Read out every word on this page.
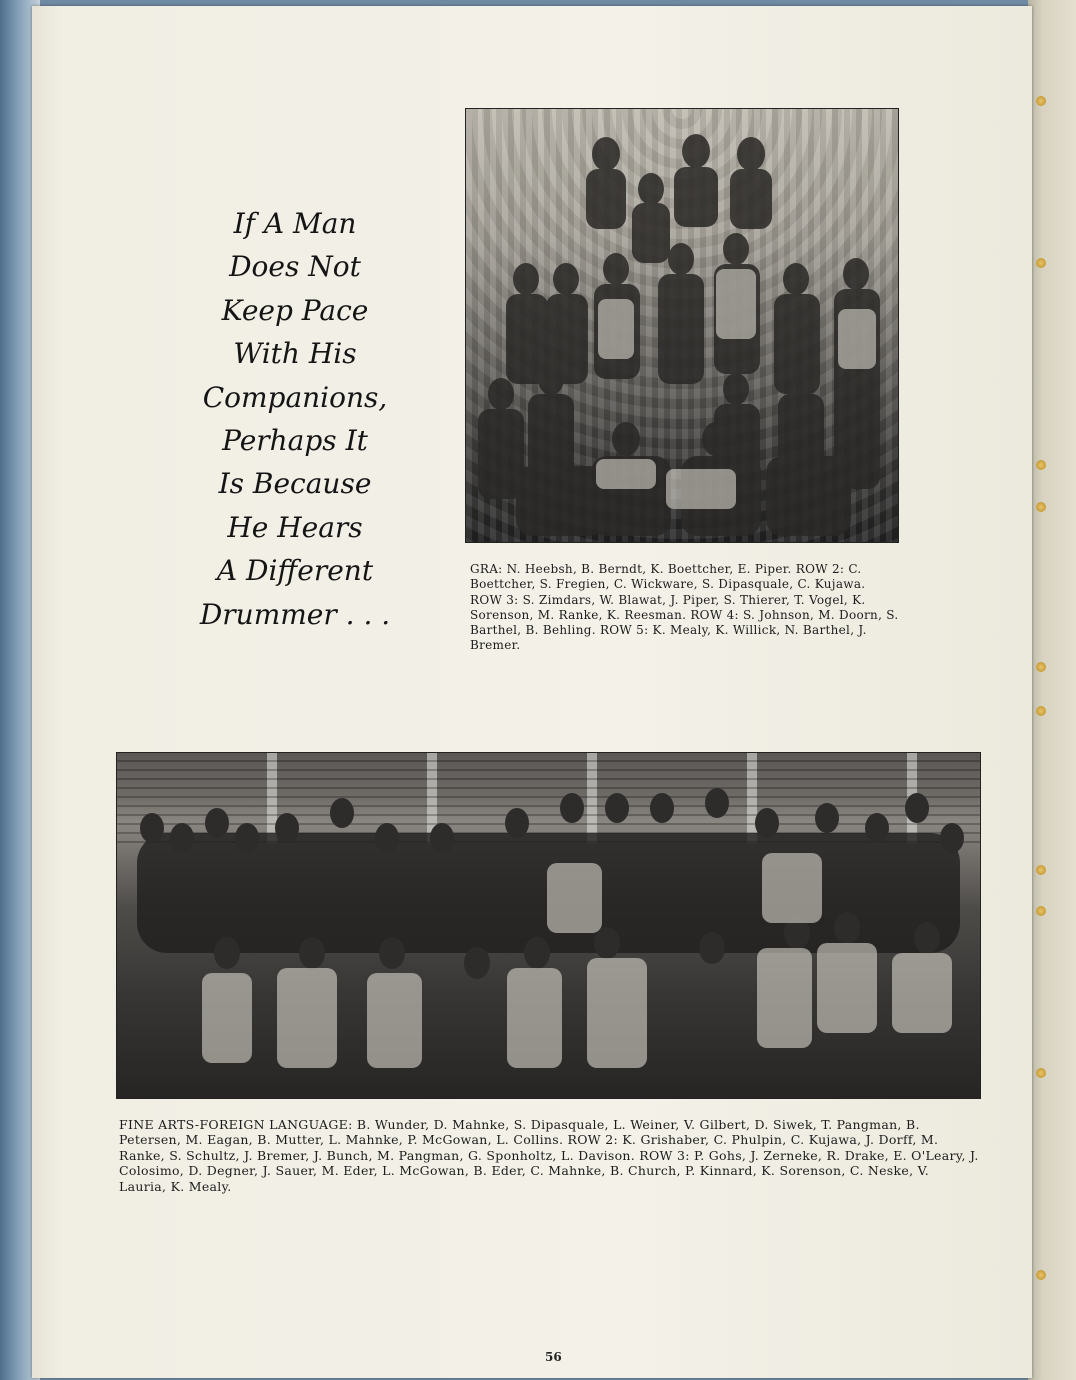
If A Man
Does Not
Keep Pace
With His
Companions,
Perhaps It
Is Because
He Hears
A Different
Drummer . . .
GRA: N. Heebsh, B. Berndt, K. Boettcher, E. Piper. ROW 2: C. Boettcher, S. Fregien, C. Wickware, S. Dipasquale, C. Kujawa. ROW 3: S. Zimdars, W. Blawat, J. Piper, S. Thierer, T. Vogel, K. Sorenson, M. Ranke, K. Reesman. ROW 4: S. Johnson, M. Doorn, S. Barthel, B. Behling. ROW 5: K. Mealy, K. Willick, N. Barthel, J. Bremer.
FINE ARTS-FOREIGN LANGUAGE: B. Wunder, D. Mahnke, S. Dipasquale, L. Weiner, V. Gilbert, D. Siwek, T. Pangman, B. Petersen, M. Eagan, B. Mutter, L. Mahnke, P. McGowan, L. Collins. ROW 2: K. Grishaber, C. Phulpin, C. Kujawa, J. Dorff, M. Ranke, S. Schultz, J. Bremer, J. Bunch, M. Pangman, G. Sponholtz, L. Davison. ROW 3: P. Gohs, J. Zerneke, R. Drake, E. O'Leary, J. Colosimo, D. Degner, J. Sauer, M. Eder, L. McGowan, B. Eder, C. Mahnke, B. Church, P. Kinnard, K. Sorenson, C. Neske, V. Lauria, K. Mealy.
56
